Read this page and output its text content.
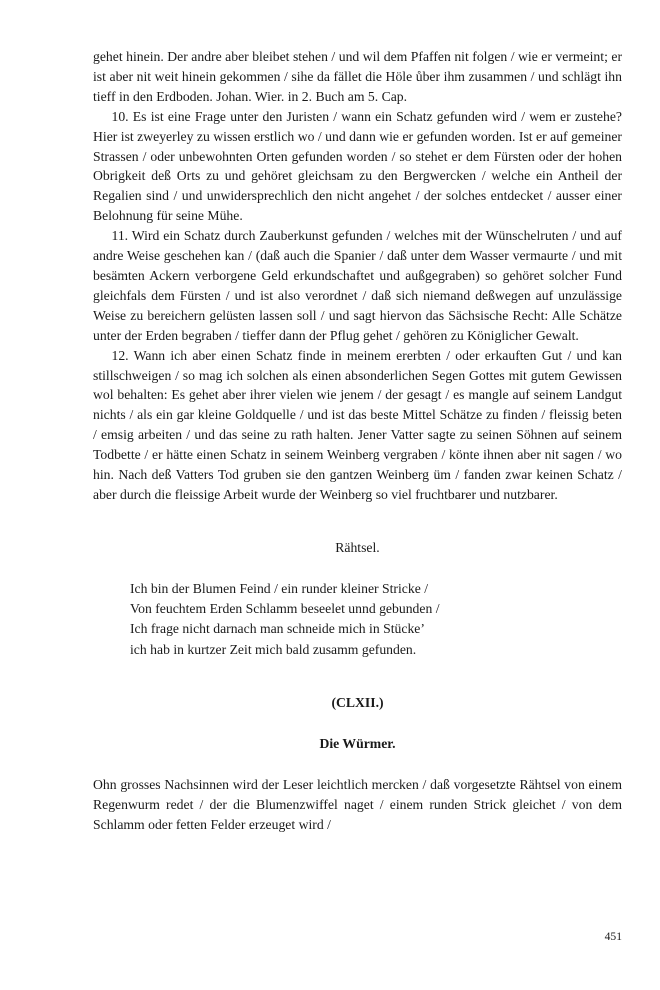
gehet hinein. Der andre aber bleibet stehen / und wil dem Pfaffen nit folgen / wie er vermeint; er ist aber nit weit hinein gekommen / sihe da fället die Höle ůber ihm zusammen / und schlägt ihn tieff in den Erdboden. Johan. Wier. in 2. Buch am 5. Cap.

10. Es ist eine Frage unter den Juristen / wann ein Schatz gefunden wird / wem er zustehe? Hier ist zweyerley zu wissen erstlich wo / und dann wie er gefunden worden. Ist er auf gemeiner Strassen / oder unbewohnten Orten gefunden worden / so stehet er dem Fürsten oder der hohen Obrigkeit deß Orts zu und gehöret gleichsam zu den Bergwercken / welche ein Antheil der Regalien sind / und unwidersprechlich den nicht angehet / der solches entdecket / ausser einer Belohnung für seine Mühe.

11. Wird ein Schatz durch Zauberkunst gefunden / welches mit der Wünschelruten / und auf andre Weise geschehen kan / (daß auch die Spanier / daß unter dem Wasser vermaurte / und mit besämten Ackern verborgene Geld erkundschaftet und außgegraben) so gehöret solcher Fund gleichfals dem Fürsten / und ist also verordnet / daß sich niemand deßwegen auf unzulässige Weise zu bereichern gelüsten lassen soll / und sagt hiervon das Sächsische Recht: Alle Schätze unter der Erden begraben / tieffer dann der Pflug gehet / gehören zu Königlicher Gewalt.

12. Wann ich aber einen Schatz finde in meinem ererbten / oder erkauften Gut / und kan stillschweigen / so mag ich solchen als einen absonderlichen Segen Gottes mit gutem Gewissen wol behalten: Es gehet aber ihrer vielen wie jenem / der gesagt / es mangle auf seinem Landgut nichts / als ein gar kleine Goldquelle / und ist das beste Mittel Schätze zu finden / fleissig beten / emsig arbeiten / und das seine zu rath halten. Jener Vatter sagte zu seinen Söhnen auf seinem Todbette / er hätte einen Schatz in seinem Weinberg vergraben / könte ihnen aber nit sagen / wo hin. Nach deß Vatters Tod gruben sie den gantzen Weinberg üm / fanden zwar keinen Schatz / aber durch die fleissige Arbeit wurde der Weinberg so viel fruchtbarer und nutzbarer.

Rähtsel.

Ich bin der Blumen Feind / ein runder kleiner Stricke /
Von feuchtem Erden Schlamm beseelet unnd gebunden /
Ich frage nicht darnach man schneide mich in Stücke’
ich hab in kurtzer Zeit mich bald zusamm gefunden.

(CLXII.)

Die Würmer.

Ohn grosses Nachsinnen wird der Leser leichtlich mercken / daß vorgesetzte Rähtsel von einem Regenwurm redet / der die Blumenzwiffel naget / einem runden Strick gleichet / von dem Schlamm oder fetten Felder erzeuget wird /

451
